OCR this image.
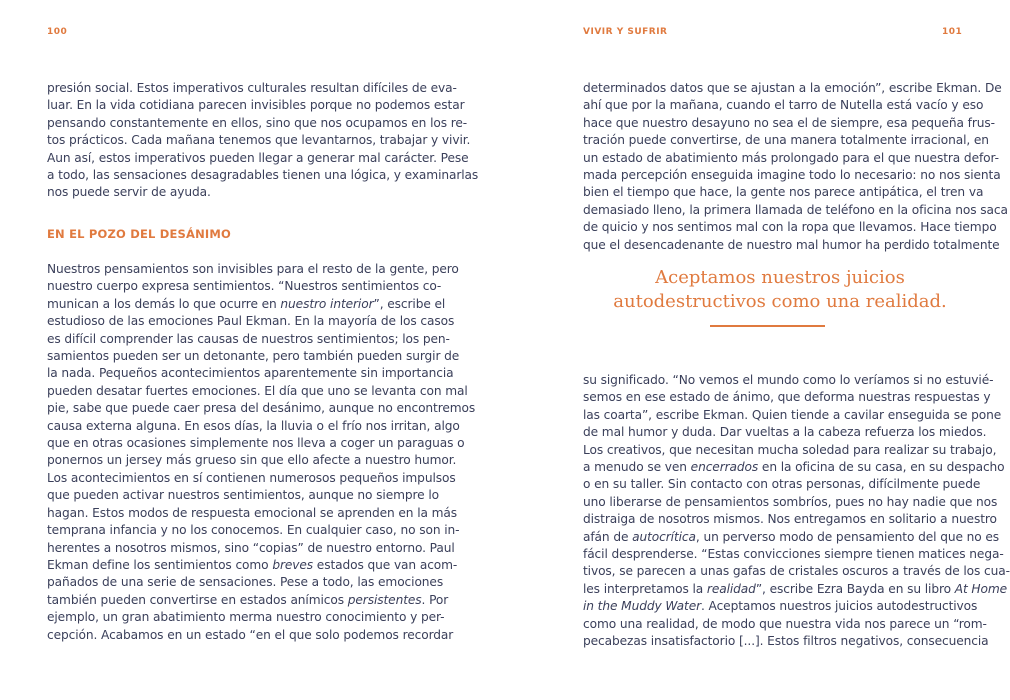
100
presión social. Estos imperativos culturales resultan difíciles de eva-
luar. En la vida cotidiana parecen invisibles porque no podemos estar
pensando constantemente en ellos, sino que nos ocupamos en los re-
tos prácticos. Cada mañana tenemos que levantarnos, trabajar y vivir.
Aun así, estos imperativos pueden llegar a generar mal carácter. Pese
a todo, las sensaciones desagradables tienen una lógica, y examinarlas
nos puede servir de ayuda.
EN EL POZO DEL DESÁNIMO
Nuestros pensamientos son invisibles para el resto de la gente, pero
nuestro cuerpo expresa sentimientos. “Nuestros sentimientos co-
munican a los demás lo que ocurre en nuestro interior”, escribe el
estudioso de las emociones Paul Ekman. En la mayoría de los casos
es difícil comprender las causas de nuestros sentimientos; los pen-
samientos pueden ser un detonante, pero también pueden surgir de
la nada. Pequeños acontecimientos aparentemente sin importancia
pueden desatar fuertes emociones. El día que uno se levanta con mal
pie, sabe que puede caer presa del desánimo, aunque no encontremos
causa externa alguna. En esos días, la lluvia o el frío nos irritan, algo
que en otras ocasiones simplemente nos lleva a coger un paraguas o
ponernos un jersey más grueso sin que ello afecte a nuestro humor.
Los acontecimientos en sí contienen numerosos pequeños impulsos
que pueden activar nuestros sentimientos, aunque no siempre lo
hagan. Estos modos de respuesta emocional se aprenden en la más
temprana infancia y no los conocemos. En cualquier caso, no son in-
herentes a nosotros mismos, sino “copias” de nuestro entorno. Paul
Ekman define los sentimientos como breves estados que van acom-
pañados de una serie de sensaciones. Pese a todo, las emociones
también pueden convertirse en estados anímicos persistentes. Por
ejemplo, un gran abatimiento merma nuestro conocimiento y per-
cepción. Acabamos en un estado “en el que solo podemos recordar
VIVIR Y SUFRIR	101
determinados datos que se ajustan a la emoción”, escribe Ekman. De
ahí que por la mañana, cuando el tarro de Nutella está vacío y eso
hace que nuestro desayuno no sea el de siempre, esa pequeña frus-
tración puede convertirse, de una manera totalmente irracional, en
un estado de abatimiento más prolongado para el que nuestra defor-
mada percepción enseguida imagine todo lo necesario: no nos sienta
bien el tiempo que hace, la gente nos parece antipática, el tren va
demasiado lleno, la primera llamada de teléfono en la oficina nos saca
de quicio y nos sentimos mal con la ropa que llevamos. Hace tiempo
que el desencadenante de nuestro mal humor ha perdido totalmente
Aceptamos nuestros juicios
autodestructivos como una realidad.
su significado. “No vemos el mundo como lo veríamos si no estuvié-
semos en ese estado de ánimo, que deforma nuestras respuestas y
las coarta”, escribe Ekman. Quien tiende a cavilar enseguida se pone
de mal humor y duda. Dar vueltas a la cabeza refuerza los miedos.
Los creativos, que necesitan mucha soledad para realizar su trabajo,
a menudo se ven encerrados en la oficina de su casa, en su despacho
o en su taller. Sin contacto con otras personas, difícilmente puede
uno liberarse de pensamientos sombríos, pues no hay nadie que nos
distraiga de nosotros mismos. Nos entregamos en solitario a nuestro
afán de autocrítica, un perverso modo de pensamiento del que no es
fácil desprenderse. “Estas convicciones siempre tienen matices nega-
tivos, se parecen a unas gafas de cristales oscuros a través de los cua-
les interpretamos la realidad”, escribe Ezra Bayda en su libro At Home
in the Muddy Water. Aceptamos nuestros juicios autodestructivos
como una realidad, de modo que nuestra vida nos parece un “rom-
pecabezas insatisfactorio [...]. Estos filtros negativos, consecuencia
